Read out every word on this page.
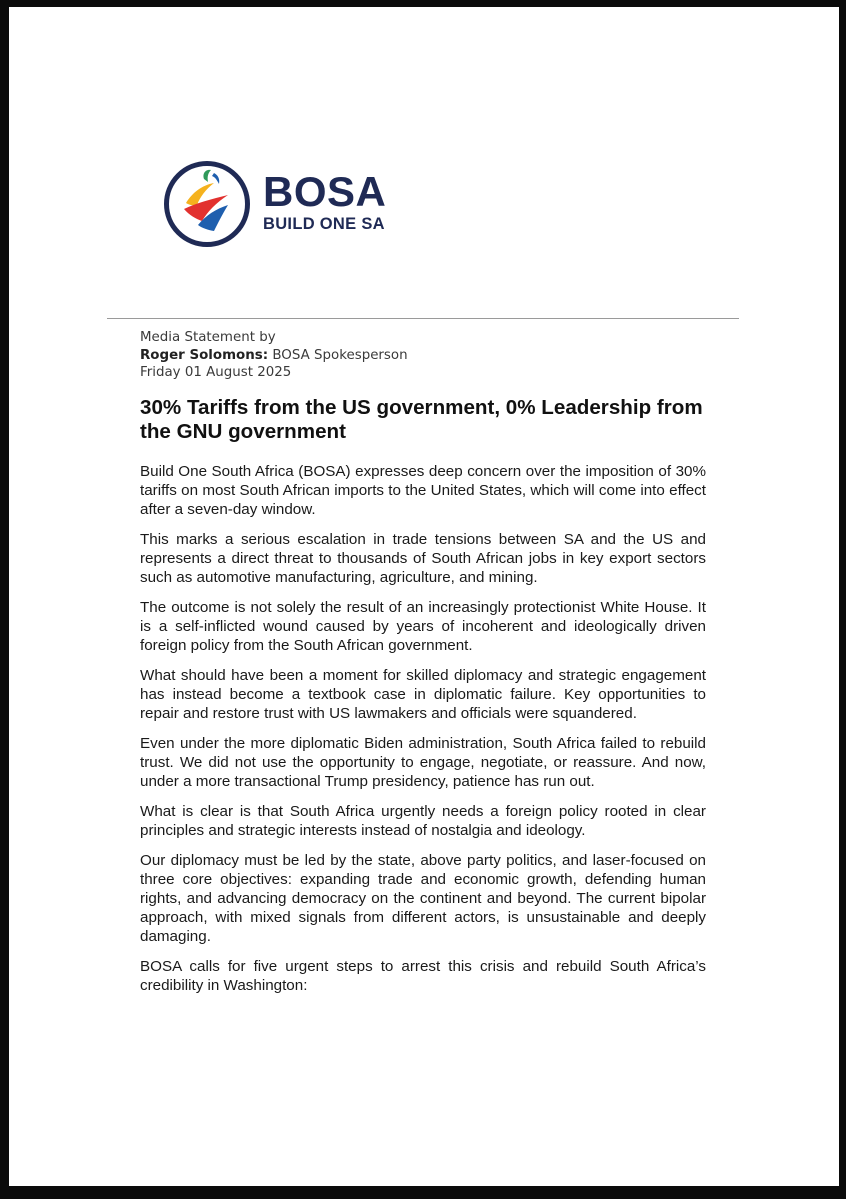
BOSA
BUILD ONE SA
Media Statement by
Roger Solomons: BOSA Spokesperson
Friday 01 August 2025
30% Tariffs from the US government, 0% Leadership from the GNU government

Build One South Africa (BOSA) expresses deep concern over the imposition of 30% tariffs on most South African imports to the United States, which will come into effect after a seven-day window.

This marks a serious escalation in trade tensions between SA and the US and represents a direct threat to thousands of South African jobs in key export sectors such as automotive manufacturing, agriculture, and mining.

The outcome is not solely the result of an increasingly protectionist White House. It is a self-inflicted wound caused by years of incoherent and ideologically driven foreign policy from the South African government.

What should have been a moment for skilled diplomacy and strategic engagement has instead become a textbook case in diplomatic failure. Key opportunities to repair and restore trust with US lawmakers and officials were squandered.

Even under the more diplomatic Biden administration, South Africa failed to rebuild trust. We did not use the opportunity to engage, negotiate, or reassure. And now, under a more transactional Trump presidency, patience has run out.

What is clear is that South Africa urgently needs a foreign policy rooted in clear principles and strategic interests instead of nostalgia and ideology.

Our diplomacy must be led by the state, above party politics, and laser-focused on three core objectives: expanding trade and economic growth, defending human rights, and advancing democracy on the continent and beyond. The current bipolar approach, with mixed signals from different actors, is unsustainable and deeply damaging.

BOSA calls for five urgent steps to arrest this crisis and rebuild South Africa’s credibility in Washington:
